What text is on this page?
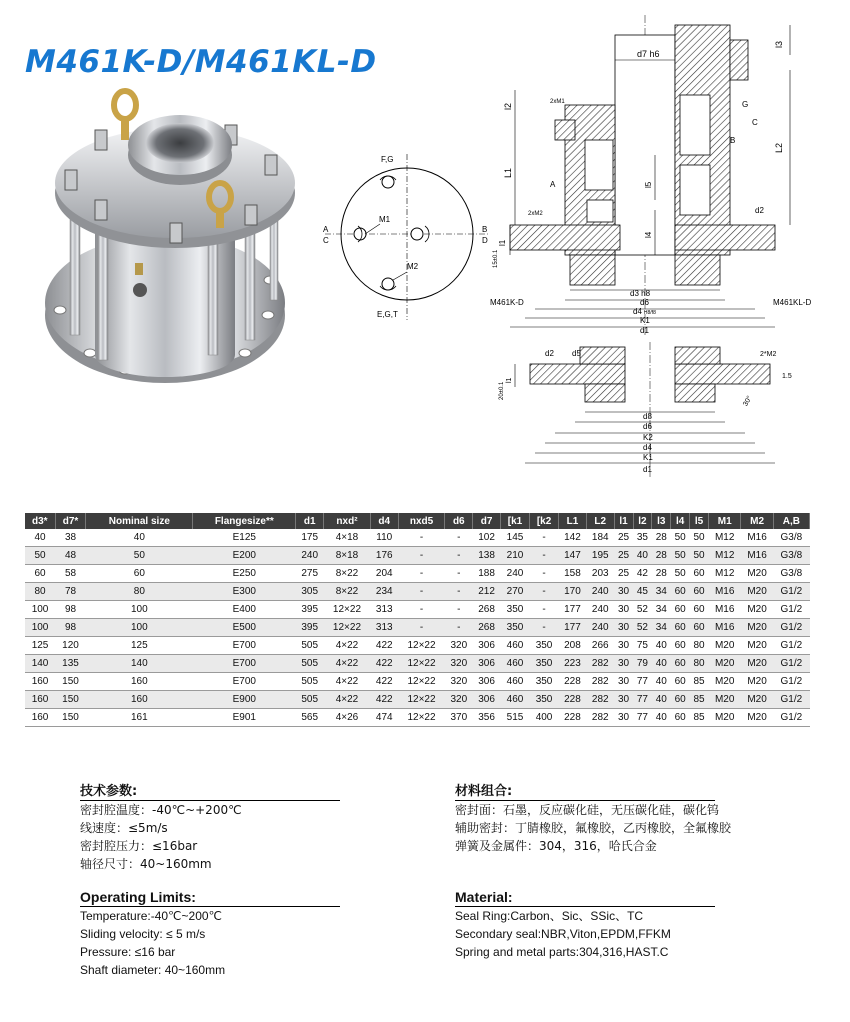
M461K-D/M461KL-D
F,G
A
C
B
D
E,G,T
M1
M2
d7 h6
l3
L2
l2
L1
l1
15±0.1
l5
l4
d2
2xM1
2xM2
G
C
B
A
d3 h8
d6
d4 H8/f8
K1
d1
M461K-D	M461KL-D
d2 d5	2*M2
l1
20±0.1
1.5
30°
d8
d6
K2
d4
K1
d1
d3*	d7*	Nominal size	Flangesize**	d1	nxd²	d4	nxd5	d6	d7	[k1	[k2	L1	L2	l1	l2	l3	l4	l5	M1	M2	A,B
40	38	40	E125	175	4×18	110	-	-	102	145	-	142	184	25	35	28	50	50	M12	M16	G3/8
50	48	50	E200	240	8×18	176	-	-	138	210	-	147	195	25	40	28	50	50	M12	M16	G3/8
60	58	60	E250	275	8×22	204	-	-	188	240	-	158	203	25	42	28	50	60	M12	M20	G3/8
80	78	80	E300	305	8×22	234	-	-	212	270	-	170	240	30	45	34	60	60	M16	M20	G1/2
100	98	100	E400	395	12×22	313	-	-	268	350	-	177	240	30	52	34	60	60	M16	M20	G1/2
100	98	100	E500	395	12×22	313	-	-	268	350	-	177	240	30	52	34	60	60	M16	M20	G1/2
125	120	125	E700	505	4×22	422	12×22	320	306	460	350	208	266	30	75	40	60	80	M20	M20	G1/2
140	135	140	E700	505	4×22	422	12×22	320	306	460	350	223	282	30	79	40	60	80	M20	M20	G1/2
160	150	160	E700	505	4×22	422	12×22	320	306	460	350	228	282	30	77	40	60	85	M20	M20	G1/2
160	150	160	E900	505	4×22	422	12×22	320	306	460	350	228	282	30	77	40	60	85	M20	M20	G1/2
160	150	161	E901	565	4×26	474	12×22	370	356	515	400	228	282	30	77	40	60	85	M20	M20	G1/2
技术参数:
密封腔温度：-40℃~+200℃
线速度：≤5m/s
密封腔压力：≤16bar
轴径尺寸：40~160mm
材料组合:
密封面：石墨，反应碳化硅，无压碳化硅，碳化钨
辅助密封：丁腈橡胶，氟橡胶，乙丙橡胶，全氟橡胶
弹簧及金属件：304，316，哈氏合金
Operating Limits:
Temperature:-40℃~200℃
Sliding velocity: ≤ 5 m/s
Pressure: ≤16 bar
Shaft diameter: 40~160mm
Material:
Seal Ring:Carbon、Sic、SSic、TC
Secondary seal:NBR,Viton,EPDM,FFKM
Spring and metal parts:304,316,HAST.C
